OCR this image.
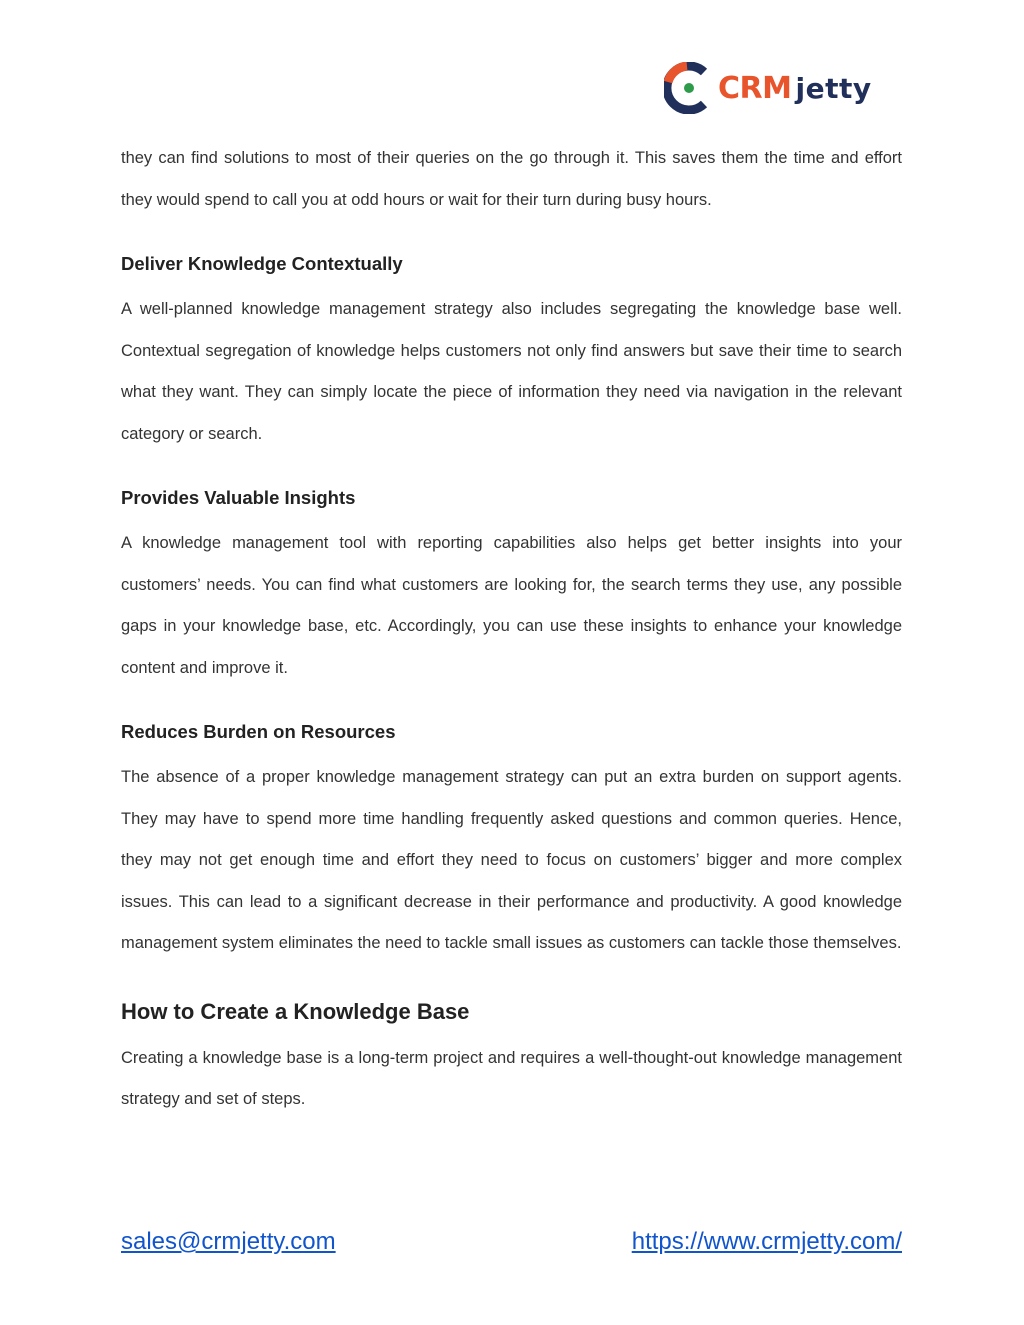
CRM jetty

they can find solutions to most of their queries on the go through it. This saves them the time and effort they would spend to call you at odd hours or wait for their turn during busy hours.

Deliver Knowledge Contextually

A well-planned knowledge management strategy also includes segregating the knowledge base well. Contextual segregation of knowledge helps customers not only find answers but save their time to search what they want. They can simply locate the piece of information they need via navigation in the relevant category or search.

Provides Valuable Insights

A knowledge management tool with reporting capabilities also helps get better insights into your customers’ needs. You can find what customers are looking for, the search terms they use, any possible gaps in your knowledge base, etc. Accordingly, you can use these insights to enhance your knowledge content and improve it.

Reduces Burden on Resources

The absence of a proper knowledge management strategy can put an extra burden on support agents. They may have to spend more time handling frequently asked questions and common queries. Hence, they may not get enough time and effort they need to focus on customers’ bigger and more complex issues. This can lead to a significant decrease in their performance and productivity. A good knowledge management system eliminates the need to tackle small issues as customers can tackle those themselves.

How to Create a Knowledge Base

Creating a knowledge base is a long-term project and requires a well-thought-out knowledge management strategy and set of steps.

sales@crmjetty.com	https://www.crmjetty.com/
